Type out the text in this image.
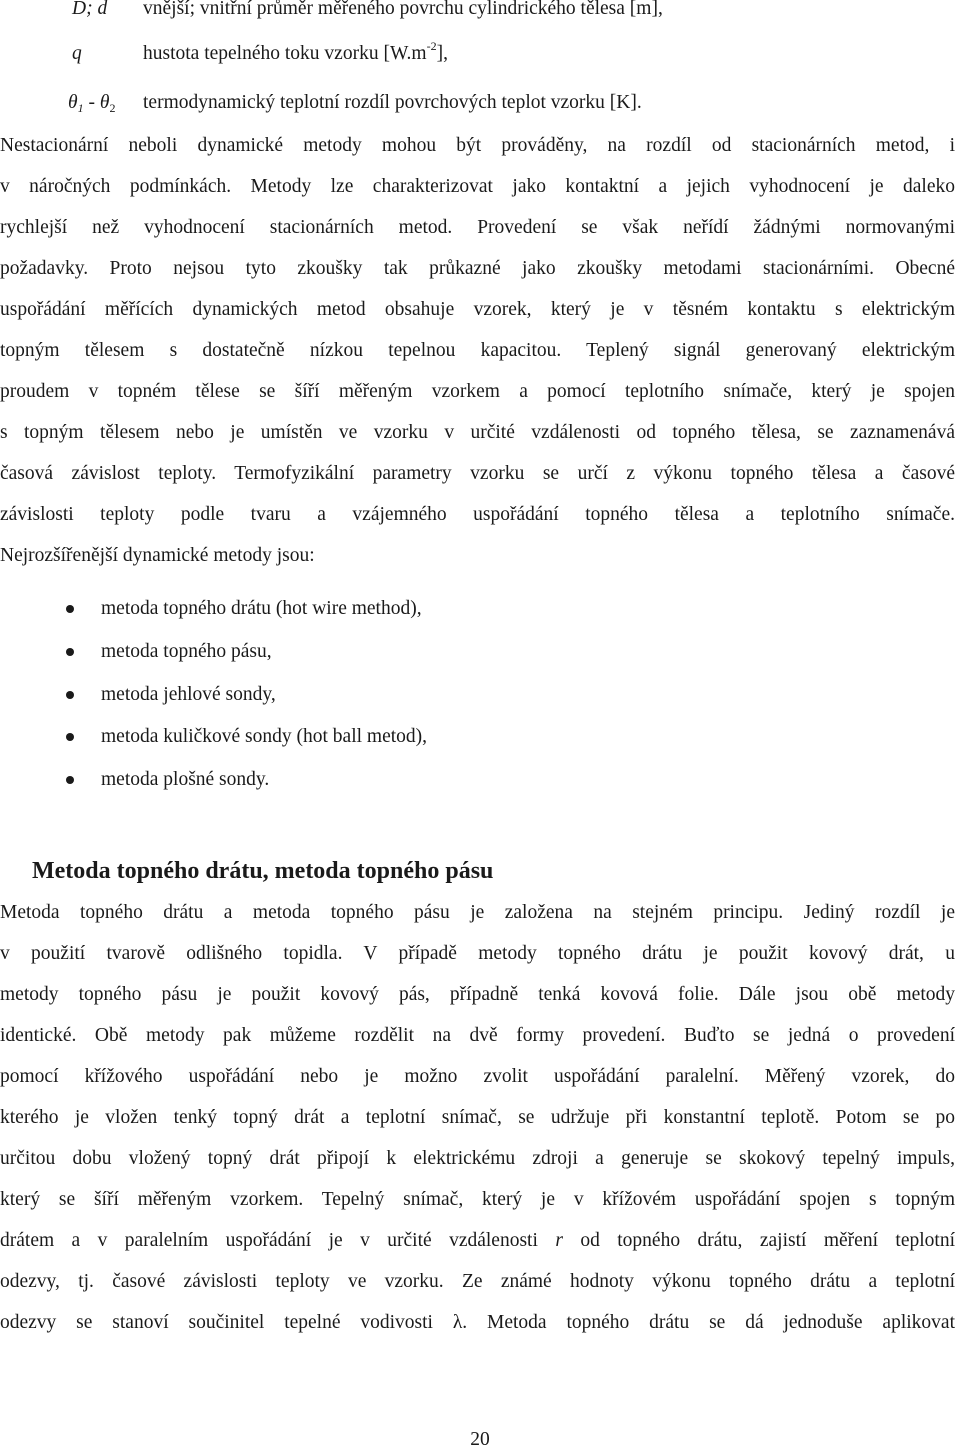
D; d vnější; vnitřní průměr měřeného povrchu cylindrického tělesa [m],
q	hustota tepelného toku vzorku $[W.m^{-2}]$,
$\theta_1 - \theta_2$ termodynamický teplotní rozdíl povrchových teplot vzorku [K].
Nestacionární neboli dynamické metody mohou být prováděny, na rozdíl od stacionárních metod, i
v náročných podmínkách. Metody lze charakterizovat jako kontaktní a jejich vyhodnocení je daleko
rychlejší než vyhodnocení stacionárních metod. Provedení se však neřídí žádnými normovanými
požadavky. Proto nejsou tyto zkoušky tak průkazné jako zkoušky metodami stacionárními. Obecné
uspořádání měřících dynamických metod obsahuje vzorek, který je v těsném kontaktu s elektrickým
topným tělesem s dostatečně nízkou tepelnou kapacitou. Teplený signál generovaný elektrickým
proudem v topném tělese se šíří měřeným vzorkem a pomocí teplotního snímače, který je spojen
s topným tělesem nebo je umístěn ve vzorku v určité vzdálenosti od topného tělesa, se zaznamenává
časová závislost teploty. Termofyzikální parametry vzorku se určí z výkonu topného tělesa a časové
závislosti teploty podle tvaru a vzájemného uspořádání topného tělesa a teplotního snímače.
Nejrozšířenější dynamické metody jsou:
metoda topného drátu (hot wire method),
metoda topného pásu,
metoda jehlové sondy,
metoda kuličkové sondy (hot ball metod),
metoda plošné sondy.
Metoda topného drátu, metoda topného pásu
Metoda topného drátu a metoda topného pásu je založena na stejném principu. Jediný rozdíl je
v použití tvarově odlišného topidla. V případě metody topného drátu je použit kovový drát, u
metody topného pásu je použit kovový pás, případně tenká kovová folie. Dále jsou obě metody
identické. Obě metody pak můžeme rozdělit na dvě formy provedení. Buďto se jedná o provedení
pomocí křížového uspořádání nebo je možno zvolit uspořádání paralelní. Měřený vzorek, do
kterého je vložen tenký topný drát a teplotní snímač, se udržuje při konstantní teplotě. Potom se po
určitou dobu vložený topný drát připojí k elektrickému zdroji a generuje se skokový tepelný impuls,
který se šíří měřeným vzorkem. Tepelný snímač, který je v křížovém uspořádání spojen s topným
drátem a v paralelním uspořádání je v určité vzdálenosti r od topného drátu, zajistí měření teplotní
odezvy, tj. časové závislosti teploty ve vzorku. Ze známé hodnoty výkonu topného drátu a teplotní
odezvy se stanoví součinitel tepelné vodivosti λ. Metoda topného drátu se dá jednoduše aplikovat
20
